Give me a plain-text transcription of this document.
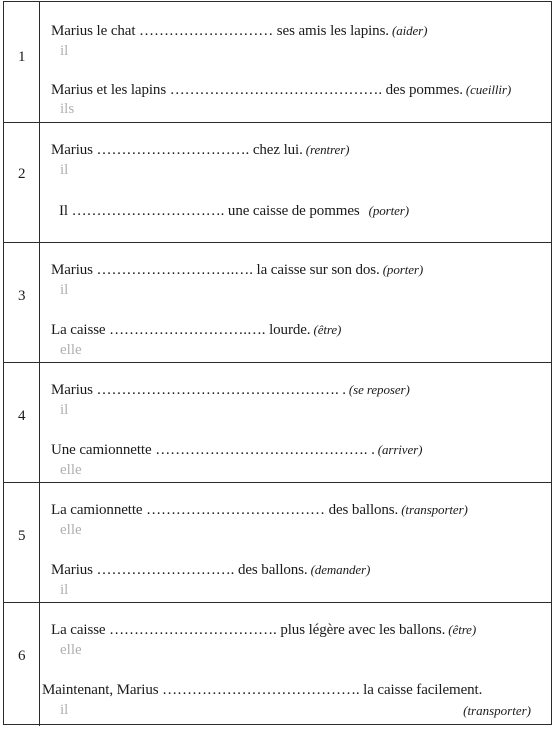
1
Marius le chat ……………………… ses amis les lapins. (aider)
il
Marius et les lapins ……………………………………. des pommes. (cueillir)
ils
2
Marius …………………………. chez lui. (rentrer)
il
Il …………………………. une caisse de pommes (porter)
3
Marius ……………………….…. la caisse sur son dos. (porter)
il
La caisse ……………………….…. lourde. (être)
elle
4
Marius …………………………………………. . (se reposer)
il
Une camionnette ……………………………………. . (arriver)
elle
5
La camionnette ……………………………… des ballons. (transporter)
elle
Marius ………………………. des ballons. (demander)
il
6
La caisse ……………………………. plus légère avec les ballons. (être)
elle
Maintenant, Marius …………………………………. la caisse facilement.
il	(transporter)
